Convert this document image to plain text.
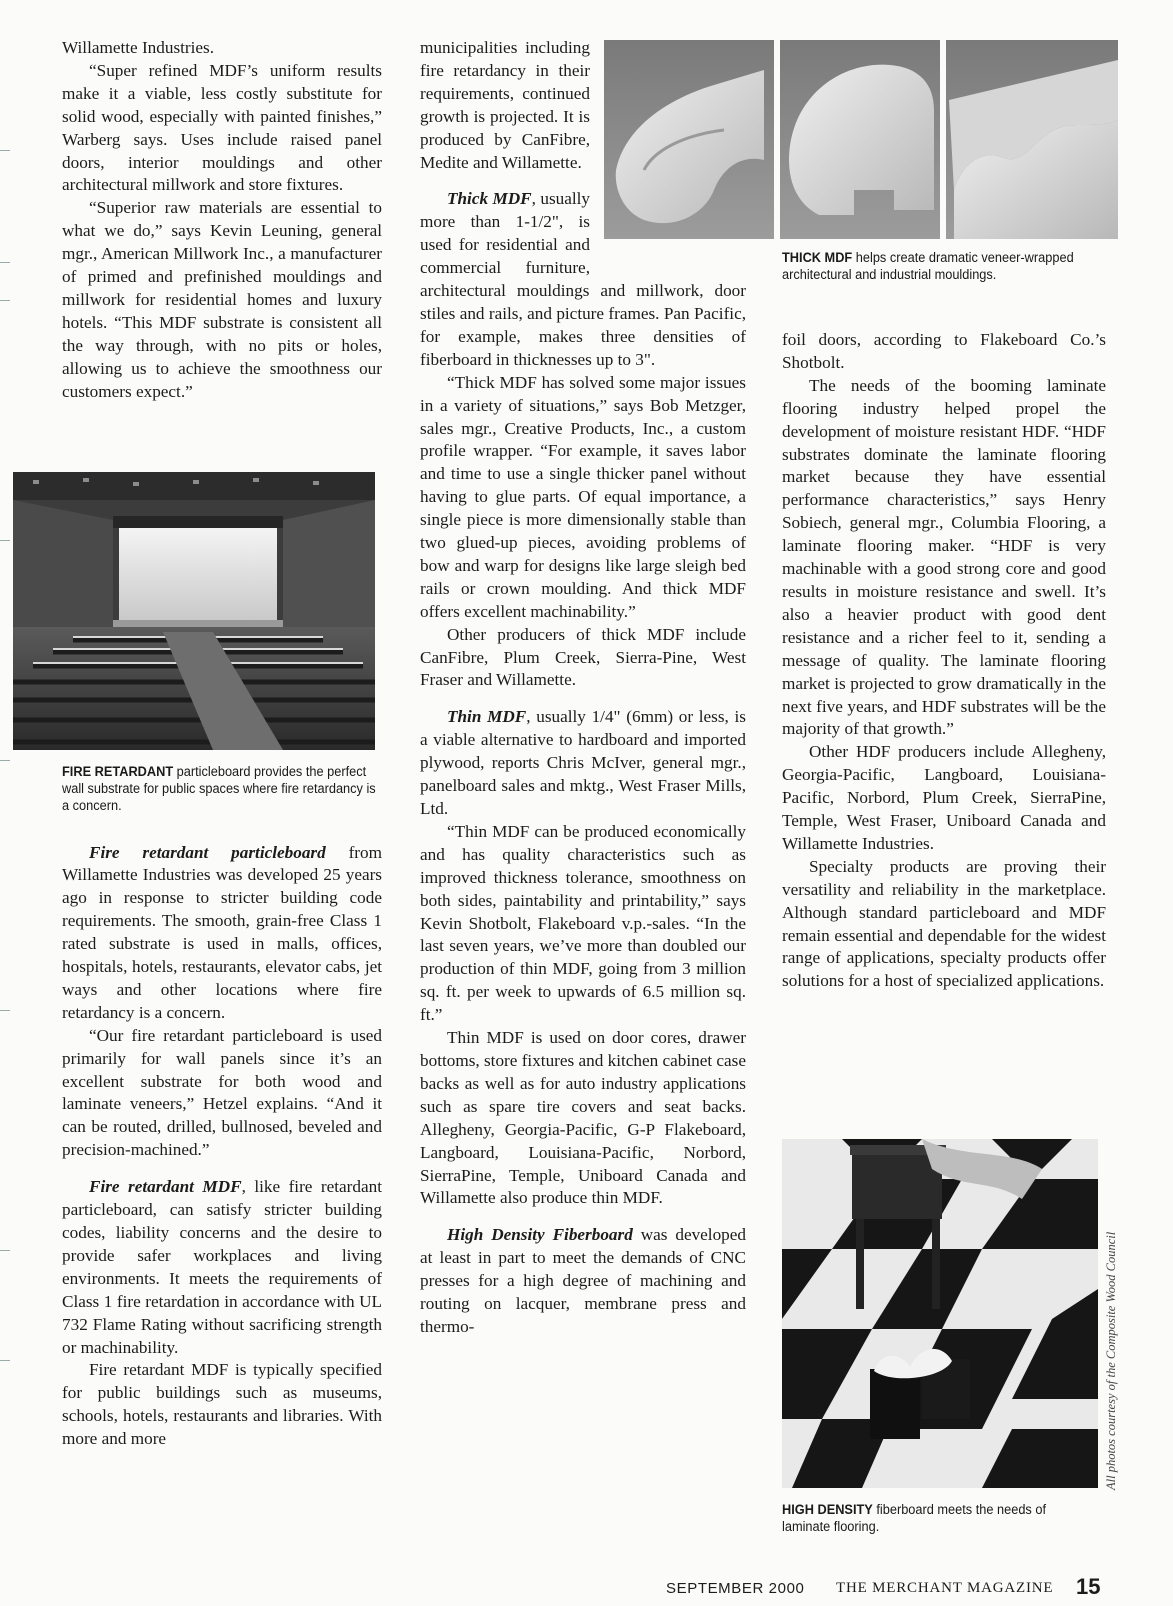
Willamette Industries.

“Super refined MDF’s uniform results make it a viable, less costly substitute for solid wood, especially with painted finishes,” Warberg says. Uses include raised panel doors, interior mouldings and other architectural millwork and store fixtures.

“Superior raw materials are essential to what we do,” says Kevin Leuning, general mgr., American Millwork Inc., a manufacturer of primed and prefinished mouldings and millwork for residential homes and luxury hotels. “This MDF substrate is consistent all the way through, with no pits or holes, allowing us to achieve the smoothness our customers expect.”

Fire retardant particleboard from Willamette Industries was developed 25 years ago in response to stricter building code requirements. The smooth, grain-free Class 1 rated substrate is used in malls, offices, hospitals, hotels, restaurants, elevator cabs, jet ways and other locations where fire retardancy is a concern.

“Our fire retardant particleboard is used primarily for wall panels since it’s an excellent substrate for both wood and laminate veneers,” Hetzel explains. “And it can be routed, drilled, bullnosed, beveled and precision-machined.”

Fire retardant MDF, like fire retardant particleboard, can satisfy stricter building codes, liability concerns and the desire to provide safer workplaces and living environments. It meets the requirements of Class 1 fire retardation in accordance with UL 732 Flame Rating without sacrificing strength or machinability.

Fire retardant MDF is typically specified for public buildings such as museums, schools, hotels, restaurants and libraries. With more and more

FIRE RETARDANT particleboard provides the perfect wall substrate for public spaces where fire retardancy is a concern.

municipalities including fire retardancy in their requirements, continued growth is projected. It is produced by CanFibre, Medite and Willamette.

Thick MDF, usually more than 1-1/2", is used for residential and commercial furniture, architectural mouldings and millwork, door stiles and rails, and picture frames. Pan Pacific, for example, makes three densities of fiberboard in thicknesses up to 3".

“Thick MDF has solved some major issues in a variety of situations,” says Bob Metzger, sales mgr., Creative Products, Inc., a custom profile wrapper. “For example, it saves labor and time to use a single thicker panel without having to glue parts. Of equal importance, a single piece is more dimensionally stable than two glued-up pieces, avoiding problems of bow and warp for designs like large sleigh bed rails or crown moulding. And thick MDF offers excellent machinability.”

Other producers of thick MDF include CanFibre, Plum Creek, Sierra-Pine, West Fraser and Willamette.

Thin MDF, usually 1/4" (6mm) or less, is a viable alternative to hardboard and imported plywood, reports Chris McIver, general mgr., panelboard sales and mktg., West Fraser Mills, Ltd.

“Thin MDF can be produced economically and has quality characteristics such as improved thickness tolerance, smoothness on both sides, paintability and printability,” says Kevin Shotbolt, Flakeboard v.p.-sales. “In the last seven years, we’ve more than doubled our production of thin MDF, going from 3 million sq. ft. per week to upwards of 6.5 million sq. ft.”

Thin MDF is used on door cores, drawer bottoms, store fixtures and kitchen cabinet case backs as well as for auto industry applications such as spare tire covers and seat backs. Allegheny, Georgia-Pacific, G-P Flakeboard, Langboard, Louisiana-Pacific, Norbord, SierraPine, Temple, Uniboard Canada and Willamette also produce thin MDF.

High Density Fiberboard was developed at least in part to meet the demands of CNC presses for a high degree of machining and routing on lacquer, membrane press and thermo-

THICK MDF helps create dramatic veneer-wrapped architectural and industrial mouldings.

foil doors, according to Flakeboard Co.’s Shotbolt.

The needs of the booming laminate flooring industry helped propel the development of moisture resistant HDF. “HDF substrates dominate the laminate flooring market because they have essential performance characteristics,” says Henry Sobiech, general mgr., Columbia Flooring, a laminate flooring maker. “HDF is very machinable with a good strong core and good results in moisture resistance and swell. It’s also a heavier product with good dent resistance and a richer feel to it, sending a message of quality. The laminate flooring market is projected to grow dramatically in the next five years, and HDF substrates will be the majority of that growth.”

Other HDF producers include Allegheny, Georgia-Pacific, Langboard, Louisiana-Pacific, Norbord, Plum Creek, SierraPine, Temple, West Fraser, Uniboard Canada and Willamette Industries.

Specialty products are proving their versatility and reliability in the marketplace. Although standard particleboard and MDF remain essential and dependable for the widest range of applications, specialty products offer solutions for a host of specialized applications.

HIGH DENSITY fiberboard meets the needs of laminate flooring.
All photos courtesy of the Composite Wood Council
SEPTEMBER 2000 THE MERCHANT MAGAZINE 15
